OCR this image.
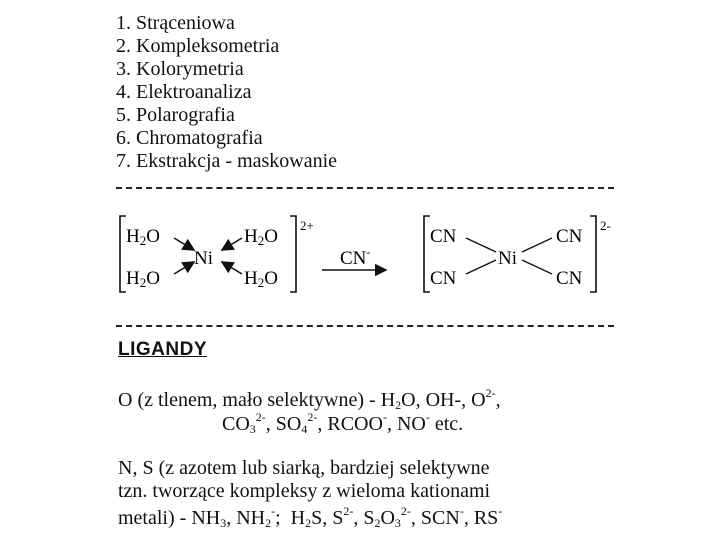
1. Strąceniowa
2. Kompleksometria
3. Kolorymetria
4. Elektroanaliza
5. Polarografia
6. Chromatografia
7. Ekstrakcja - maskowanie
H2O
H2O
H2O
H2O
Ni
2+
CN-
CN
CN
CN
CN
Ni
2-
LIGANDY
O (z tlenem, mało selektywne) - $H_2O$, OH-, $O^{2-}$,
$CO_3^{2-}$, $SO_4^{2-}$, RCOO-, NO- etc.
N, S (z azotem lub siarką, bardziej selektywne
tzn. tworzące kompleksy z wieloma kationami
metali) - $NH_3$, $NH_2^-$;  $H_2S$, $S^{2-}$, $S_2O_3^{2-}$, SCN-, RS-
